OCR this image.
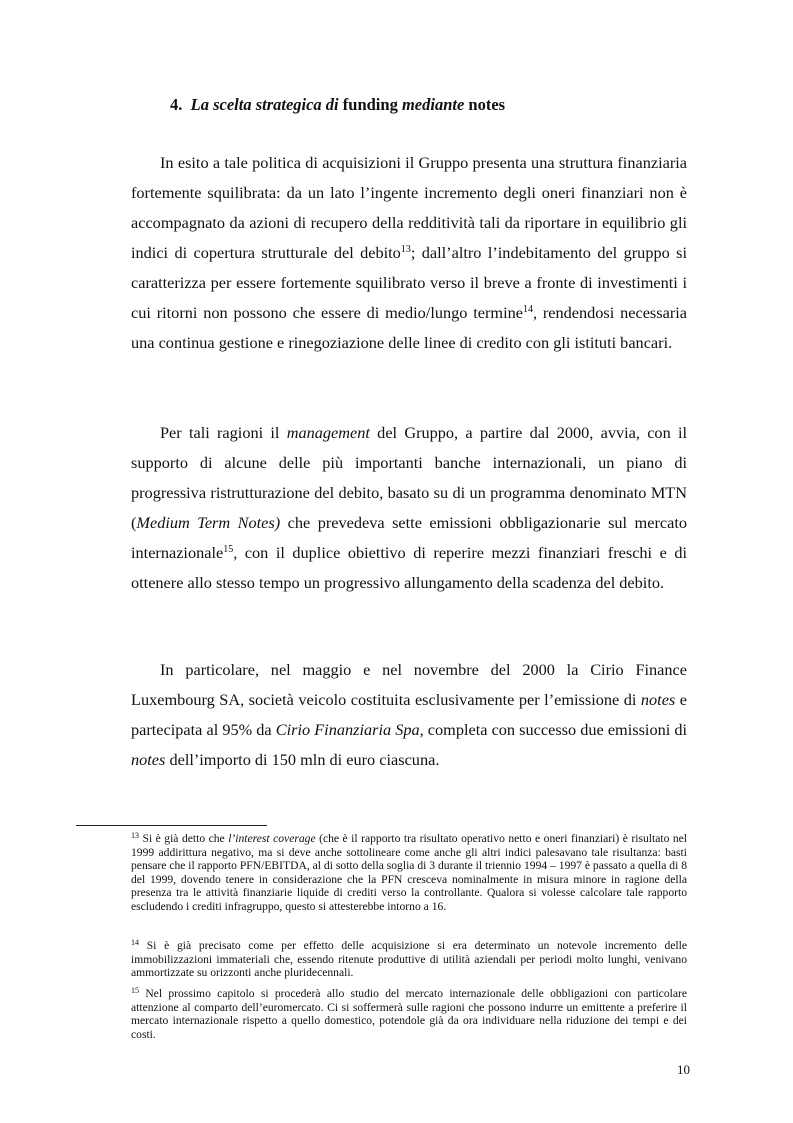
4. La scelta strategica di funding mediante notes

In esito a tale politica di acquisizioni il Gruppo presenta una struttura finanziaria fortemente squilibrata: da un lato l’ingente incremento degli oneri finanziari non è accompagnato da azioni di recupero della redditività tali da riportare in equilibrio gli indici di copertura strutturale del debito$^{13}$; dall’altro l’indebitamento del gruppo si caratterizza per essere fortemente squilibrato verso il breve a fronte di investimenti i cui ritorni non possono che essere di medio/lungo termine$^{14}$, rendendosi necessaria una continua gestione e rinegoziazione delle linee di credito con gli istituti bancari.

Per tali ragioni il management del Gruppo, a partire dal 2000, avvia, con il supporto di alcune delle più importanti banche internazionali, un piano di progressiva ristrutturazione del debito, basato su di un programma denominato MTN (Medium Term Notes) che prevedeva sette emissioni obbligazionarie sul mercato internazionale$^{15}$, con il duplice obiettivo di reperire mezzi finanziari freschi e di ottenere allo stesso tempo un progressivo allungamento della scadenza del debito.

In particolare, nel maggio e nel novembre del 2000 la Cirio Finance Luxembourg SA, società veicolo costituita esclusivamente per l’emissione di notes e partecipata al 95% da Cirio Finanziaria Spa, completa con successo due emissioni di notes dell’importo di 150 mln di euro ciascuna.

$^{13}$ Si è già detto che l’interest coverage (che è il rapporto tra risultato operativo netto e oneri finanziari) è risultato nel 1999 addirittura negativo, ma si deve anche sottolineare come anche gli altri indici palesavano tale risultanza: basti pensare che il rapporto PFN/EBITDA, al di sotto della soglia di 3 durante il triennio 1994 – 1997 è passato a quella di 8 del 1999, dovendo tenere in considerazione che la PFN cresceva nominalmente in misura minore in ragione della presenza tra le attività finanziarie liquide di crediti verso la controllante. Qualora si volesse calcolare tale rapporto escludendo i crediti infragruppo, questo si attesterebbe intorno a 16.

$^{14}$ Si è già precisato come per effetto delle acquisizione si era determinato un notevole incremento delle immobilizzazioni immateriali che, essendo ritenute produttive di utilità aziendali per periodi molto lunghi, venivano ammortizzate su orizzonti anche pluridecennali.

$^{15}$ Nel prossimo capitolo si procederà allo studio del mercato internazionale delle obbligazioni con particolare attenzione al comparto dell’euromercato. Ci si soffermerà sulle ragioni che possono indurre un emittente a preferire il mercato internazionale rispetto a quello domestico, potendole già da ora individuare nella riduzione dei tempi e dei costi.

10
